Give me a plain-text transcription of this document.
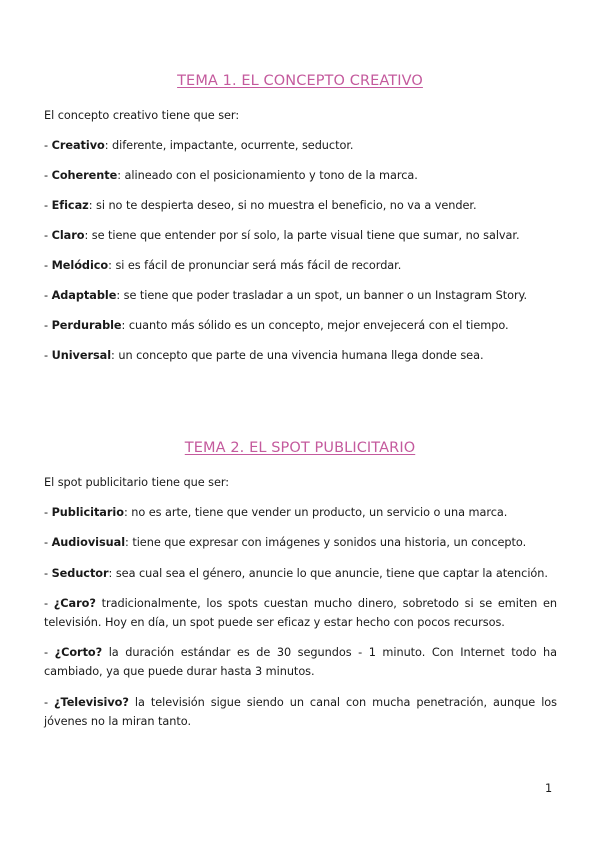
TEMA 1. EL CONCEPTO CREATIVO

El concepto creativo tiene que ser:

- Creativo: diferente, impactante, ocurrente, seductor.

- Coherente: alineado con el posicionamiento y tono de la marca.

- Eficaz: si no te despierta deseo, si no muestra el beneficio, no va a vender.

- Claro: se tiene que entender por sí solo, la parte visual tiene que sumar, no salvar.

- Melódico: si es fácil de pronunciar será más fácil de recordar.

- Adaptable: se tiene que poder trasladar a un spot, un banner o un Instagram Story.

- Perdurable: cuanto más sólido es un concepto, mejor envejecerá con el tiempo.

- Universal: un concepto que parte de una vivencia humana llega donde sea.

TEMA 2. EL SPOT PUBLICITARIO

El spot publicitario tiene que ser:

- Publicitario: no es arte, tiene que vender un producto, un servicio o una marca.

- Audiovisual: tiene que expresar con imágenes y sonidos una historia, un concepto.

- Seductor: sea cual sea el género, anuncie lo que anuncie, tiene que captar la atención.

- ¿Caro? tradicionalmente, los spots cuestan mucho dinero, sobretodo si se emiten en televisión. Hoy en día, un spot puede ser eficaz y estar hecho con pocos recursos.

- ¿Corto? la duración estándar es de 30 segundos - 1 minuto. Con Internet todo ha cambiado, ya que puede durar hasta 3 minutos.

- ¿Televisivo? la televisión sigue siendo un canal con mucha penetración, aunque los jóvenes no la miran tanto.

1
